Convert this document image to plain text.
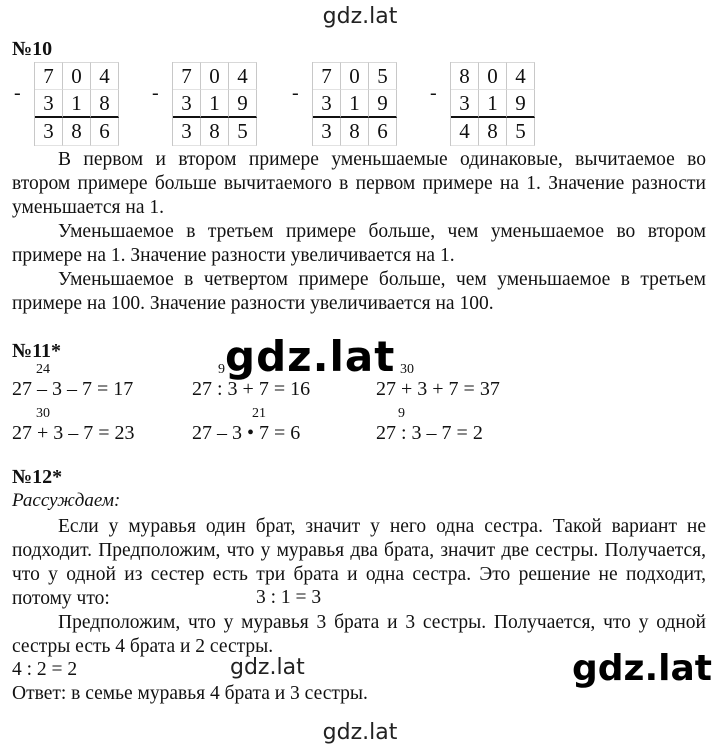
gdz.lat
№10
-
7 0 4
3 1 8
3 8 6
-
7 0 4
3 1 9
3 8 5
-
7 0 5
3 1 9
3 8 6
-
8 0 4
3 1 9
4 8 5

В первом и втором примере уменьшаемые одинаковые, вычитаемое во втором примере больше вычитаемого в первом примере на 1. Значение разности уменьшается на 1.

Уменьшаемое в третьем примере больше, чем уменьшаемое во втором примере на 1. Значение разности увеличивается на 1.

Уменьшаемое в четвертом примере больше, чем уменьшаемое в третьем примере на 100. Значение разности увеличивается на 100.

№11*
24
27 – 3 – 7 = 17
9
27 : 3 + 7 = 16
30
27 + 3 + 7 = 37
30
27 + 3 – 7 = 23
21
27 – 3 • 7 = 6
9
27 : 3 – 7 = 2
gdz.lat
№12*
Рассуждаем:

Если у муравья один брат, значит у него одна сестра. Такой вариант не подходит. Предположим, что у муравья два брата, значит две сестры. Получается, что у одной из сестер есть три брата и одна сестра. Это решение не подходит, потому что:	3 : 1 = 3

Предположим, что у муравья 3 брата и 3 сестры. Получается, что у одной сестры есть 4 брата и 2 сестры.

4 : 2 = 2	gdz.lat	gdz.lat
Ответ: в семье муравья 4 брата и 3 сестры.
gdz.lat
